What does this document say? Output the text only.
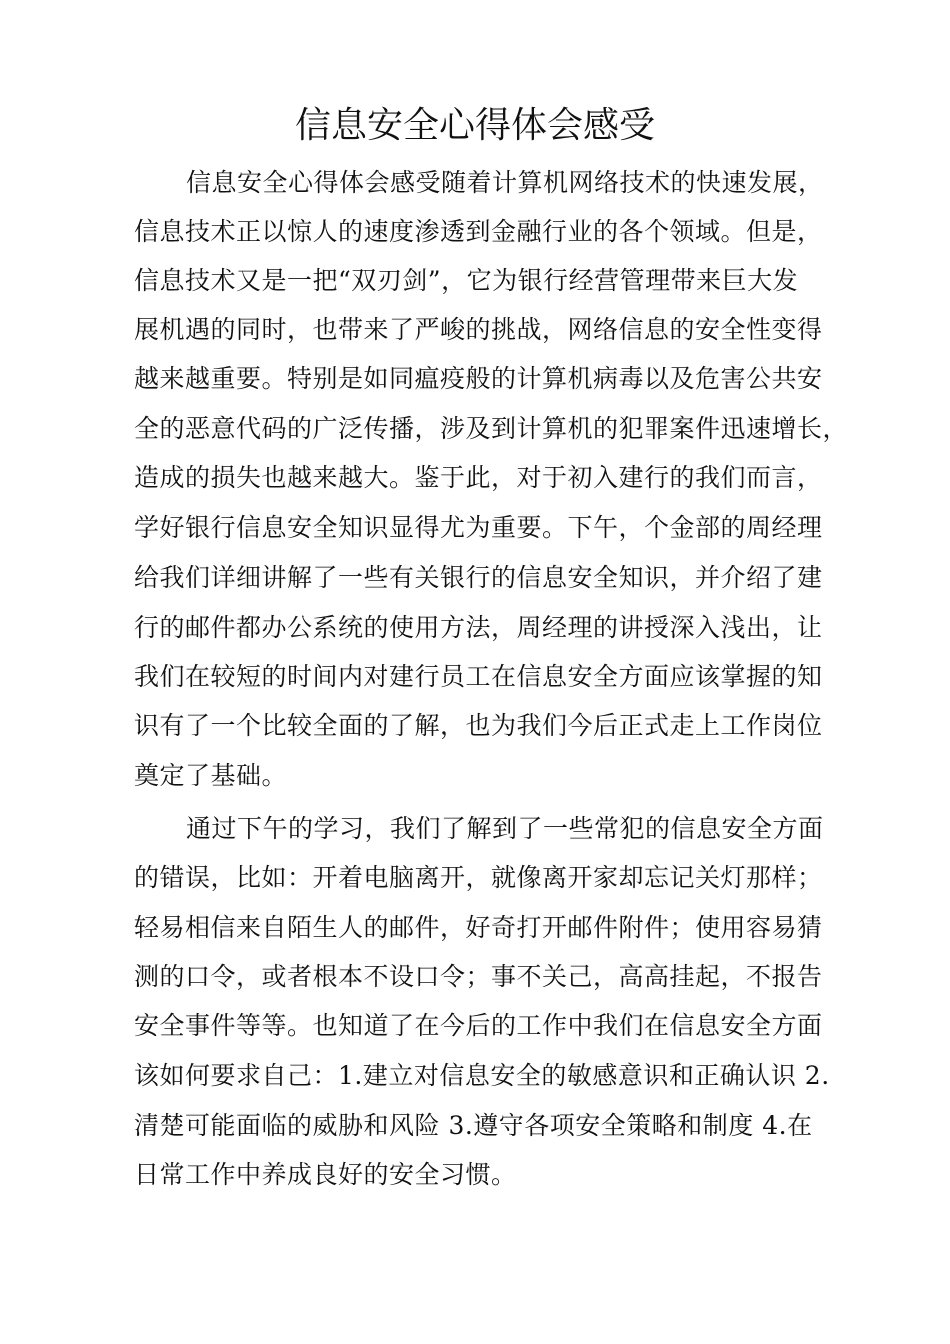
信息安全心得体会感受
信息安全心得体会感受随着计算机网络技术的快速发展，
信息技术正以惊人的速度渗透到金融行业的各个领域。但是，
信息技术又是一把“双刃剑”，它为银行经营管理带来巨大发
展机遇的同时，也带来了严峻的挑战，网络信息的安全性变得
越来越重要。特别是如同瘟疫般的计算机病毒以及危害公共安
全的恶意代码的广泛传播，涉及到计算机的犯罪案件迅速增长，
造成的损失也越来越大。鉴于此，对于初入建行的我们而言，
学好银行信息安全知识显得尤为重要。下午，个金部的周经理
给我们详细讲解了一些有关银行的信息安全知识，并介绍了建
行的邮件都办公系统的使用方法，周经理的讲授深入浅出，让
我们在较短的时间内对建行员工在信息安全方面应该掌握的知
识有了一个比较全面的了解，也为我们今后正式走上工作岗位
奠定了基础。
通过下午的学习，我们了解到了一些常犯的信息安全方面
的错误，比如：开着电脑离开，就像离开家却忘记关灯那样；
轻易相信来自陌生人的邮件，好奇打开邮件附件；使用容易猜
测的口令，或者根本不设口令；事不关己，高高挂起，不报告
安全事件等等。也知道了在今后的工作中我们在信息安全方面
该如何要求自己：1.建立对信息安全的敏感意识和正确认识 2.
清楚可能面临的威胁和风险 3.遵守各项安全策略和制度 4.在
日常工作中养成良好的安全习惯。
